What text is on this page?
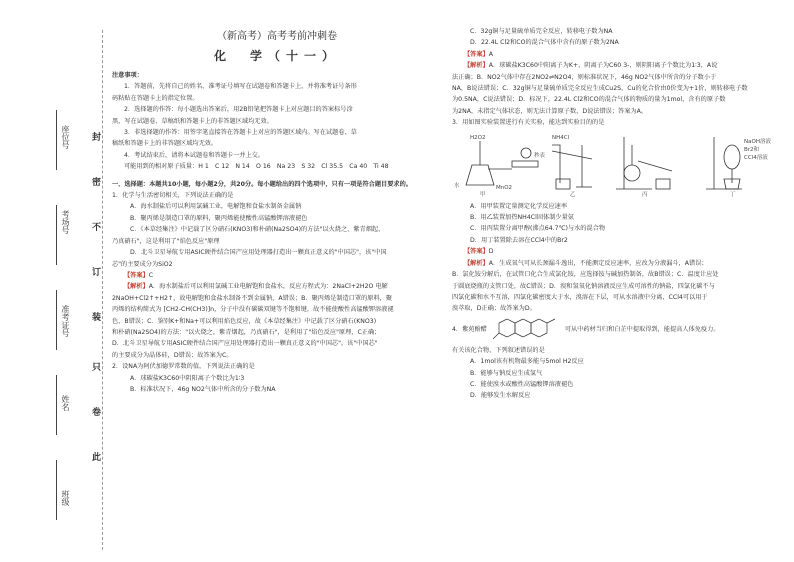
座位号
考场号
准考证号
姓名
班级
封
密
不
订
装
只
卷
此

（新高考）高考考前冲刺卷

化　学（十一）

注意事项：

1．答题前，先将自己的姓名、准考证号填写在试题卷和答题卡上，并将准考证号条形

码粘贴在答题卡上的指定位置。

2．选择题的作答：每小题选出答案后，用2B铅笔把答题卡上对应题目的答案标号涂

黑，写在试题卷、草稿纸和答题卡上的非答题区域均无效。

3．非选择题的作答：用签字笔直接答在答题卡上对应的答题区域内。写在试题卷、草

稿纸和答题卡上的非答题区域均无效。

4．考试结束后，请将本试题卷和答题卡一并上交。

可能用到的相对原子质量：H 1　C 12　N 14　O 16　Na 23　S 32　Cl 35.5　Ca 40　Ti 48

一、选择题：本题共10小题，每小题2分，共20分。每小题给出的四个选项中，只有一项是符合题目要求的。

1．化学与生活密切相关，下列说法正确的是

A．海水制盐后可以利用氯碱工业，电解饱和食盐水制备金属钠

B．聚丙烯是制造口罩的原料，聚丙烯能使酸性高锰酸钾溶液褪色

C．《本草经集注》中记载了区分硝石(KNO3)和朴硝(Na2SO4)的方法"以火烧之，紫青烟起，

乃真硝石"，这是利用了"焰色反应"原理

D．北斗卫星导航专用ASIC硬件结合国产应用处理器打造出一颗真正意义的"中国芯"，该"中国

芯"的主要成分为SiO2

【答案】C

【解析】A．海水制盐后可以利用氯碱工业电解饱和食盐水，反应方程式为：2NaCl+2H2O 电解

2NaOH+Cl2↑+H2↑，故电解饱和食盐水制备不到金属钠，A错误；B．聚丙烯是制造口罩的原料，聚

丙烯的结构简式为 [CH2-CH(CH3)]n，分子中没有碳碳双键等不饱和键，故不能使酸性高锰酸钾溶液褪

色，B错误；C．鉴别K+和Na+可以利用焰色反应，故《本草经集注》中记载了区分硝石(KNO3)

和朴硝(Na2SO4)的方法："以火烧之，紫青烟起，乃真硝石"，是利用了"焰色反应"原理，C正确；

D．北斗卫星导航专用ASIC硬件结合国产应用处理器打造出一颗真正意义的"中国芯"，该"中国芯"

的主要成分为晶体硅，D错误；故答案为C。

2．设NA为阿伏加德罗常数的值，下列说法正确的是

A．球碳盐K3C60中阴阳离子个数比为1∶3

B．标准状况下，46g NO2气体中所含的分子数为NA

C．32g铜与足量硫单质完全反应，转移电子数为NA

D．22.4L Cl2和CO的混合气体中含有的原子数为2NA

【答案】A

【解析】A．球碳盐K3C60中阳离子为K+、阴离子为C60 3-，则阴阳离子个数比为1∶3，A说

法正确；B．NO2气体中存在2NO2⇌N2O4，则标准状况下，46g NO2气体中所含的分子数小于

NA，B说法错误；C．32g铜与足量硫单质完全反应生成Cu2S，Cu的化合价由0价变为+1价，则转移电子数

为0.5NA，C说法错误；D．标况下，22.4L Cl2和CO的混合气体的物质的量为1mol，含有的原子数

为2NA，未指定气体状态，则无法计算原子数，D说法错误；答案为A。

3．用如图实验装置进行有关实验，能达到实验目的的是

H2O2	NH4Cl
MnO2
秒表
NaOH溶液
Br2和
CCl4溶液
水
甲	乙	丙	丁

A．用甲装置定量测定化学反应速率

B．用乙装置加热NH4Cl固体制少量氨

C．用丙装置分离甲醇(沸点64.7℃)与水的混合物

D．用丁装置除去溶在CCl4中的Br2

【答案】D

【解析】A．生成氧气可从长颈漏斗逸出，不能测定反应速率，应改为分液漏斗，A错误；

B．氯化铵分解后，在试管口化合生成氯化铵，应选择铵与碱加热制备，故B错误；C．温度计应处

于圆底烧瓶的支管口处，故C错误；D．溴和氢氧化钠溶液反应生成可溶性的钠盐，四氯化碳不与

四氯化碳和水不互溶，四氯化碳密度大于水，溴溶在下层，可从水溶液中分离，CCl4可以用于

溴萃取，D正确；故答案为D。

4．紫苑酚醋	可从中药材当归和白芷中提取得到，能提高人体免疫力。

有关该化合物，下列叙述错误的是

A．1mol该有机物最多能与5mol H2反应

B．能够与钠反应生成氢气

C．能使溴水或酸性高锰酸钾溶液褪色

D．能够发生水解反应
